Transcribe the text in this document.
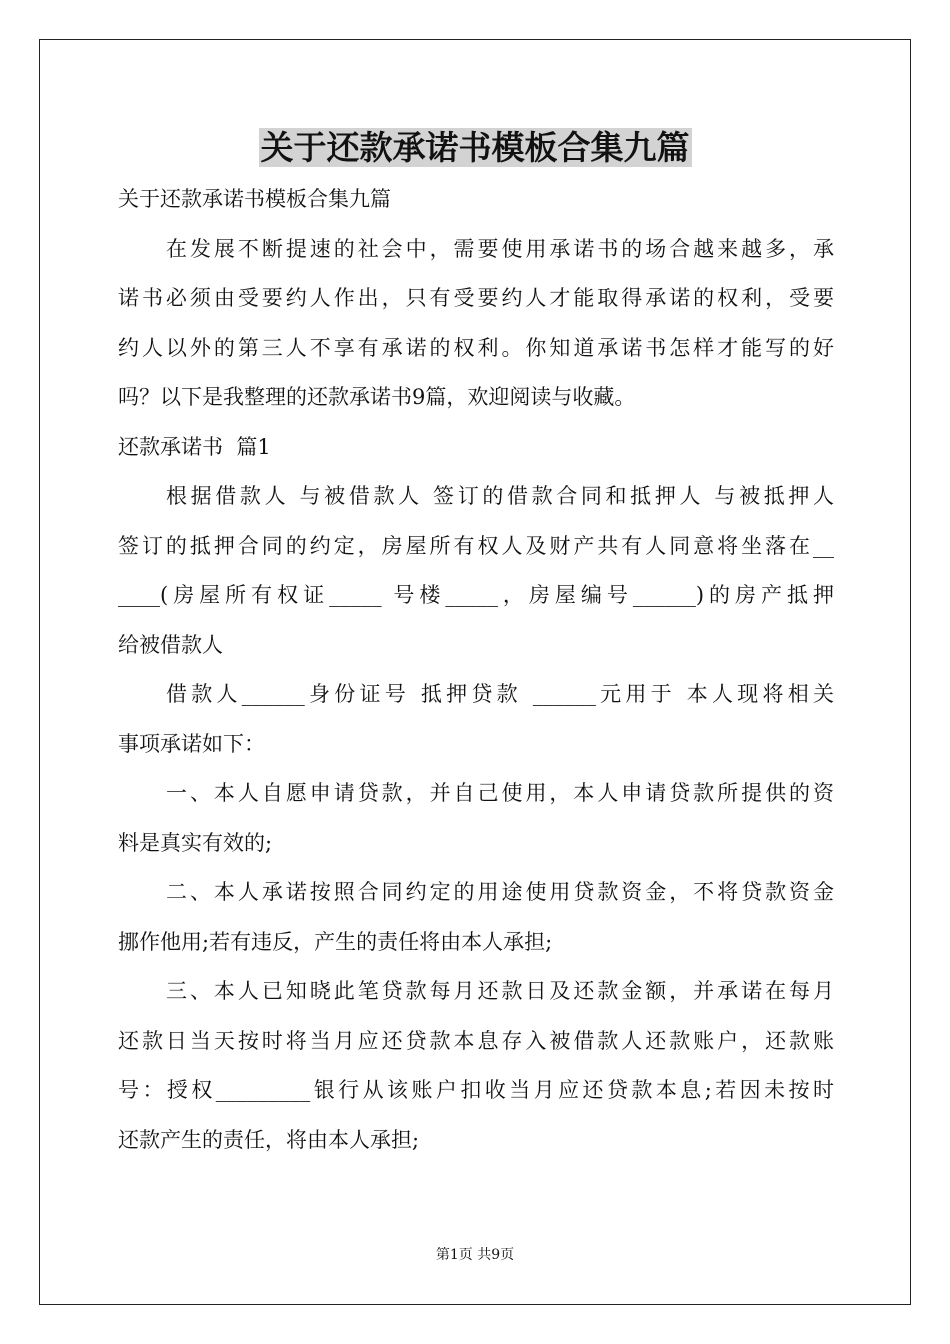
关于还款承诺书模板合集九篇

关于还款承诺书模板合集九篇

在发展不断提速的社会中，需要使用承诺书的场合越来越多，承
诺书必须由受要约人作出，只有受要约人才能取得承诺的权利，受要
约人以外的第三人不享有承诺的权利。你知道承诺书怎样才能写的好
吗？以下是我整理的还款承诺书9篇，欢迎阅读与收藏。

还款承诺书  篇1

根据借款人 与被借款人 签订的借款合同和抵押人 与被抵押人
签订的抵押合同的约定，房屋所有权人及财产共有人同意将坐落在__
____(房屋所有权证_____ 号楼_____，房屋编号______)的房产抵押
给被借款人

借款人______身份证号 抵押贷款 ______元用于 本人现将相关
事项承诺如下：

一、本人自愿申请贷款，并自己使用，本人申请贷款所提供的资
料是真实有效的;

二、本人承诺按照合同约定的用途使用贷款资金，不将贷款资金
挪作他用;若有违反，产生的责任将由本人承担;

三、本人已知晓此笔贷款每月还款日及还款金额，并承诺在每月
还款日当天按时将当月应还贷款本息存入被借款人还款账户，还款账
号：授权_________银行从该账户扣收当月应还贷款本息;若因未按时
还款产生的责任，将由本人承担;

第1页 共9页
